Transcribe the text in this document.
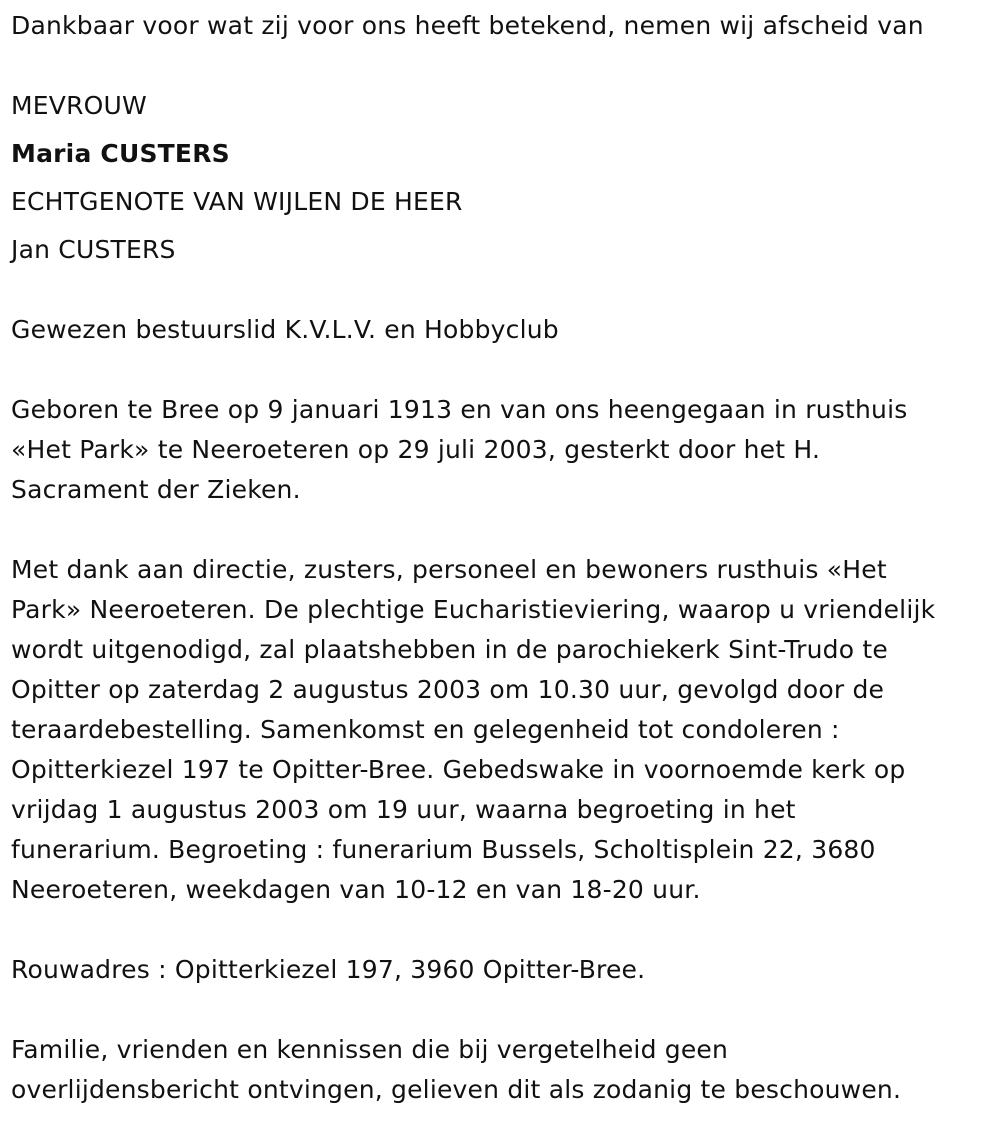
Dankbaar voor wat zij voor ons heeft betekend, nemen wij afscheid van
MEVROUW
Maria CUSTERS
ECHTGENOTE VAN WIJLEN DE HEER
Jan CUSTERS
Gewezen bestuurslid K.V.L.V. en Hobbyclub
Geboren te Bree op 9 januari 1913 en van ons heengegaan in rusthuis
«Het Park» te Neeroeteren op 29 juli 2003, gesterkt door het H.
Sacrament der Zieken.
Met dank aan directie, zusters, personeel en bewoners rusthuis «Het
Park» Neeroeteren. De plechtige Eucharistieviering, waarop u vriendelijk
wordt uitgenodigd, zal plaatshebben in de parochiekerk Sint-Trudo te
Opitter op zaterdag 2 augustus 2003 om 10.30 uur, gevolgd door de
teraardebestelling. Samenkomst en gelegenheid tot condoleren :
Opitterkiezel 197 te Opitter-Bree. Gebedswake in voornoemde kerk op
vrijdag 1 augustus 2003 om 19 uur, waarna begroeting in het
funerarium. Begroeting : funerarium Bussels, Scholtisplein 22, 3680
Neeroeteren, weekdagen van 10-12 en van 18-20 uur.
Rouwadres : Opitterkiezel 197, 3960 Opitter-Bree.
Familie, vrienden en kennissen die bij vergetelheid geen
overlijdensbericht ontvingen, gelieven dit als zodanig te beschouwen.
